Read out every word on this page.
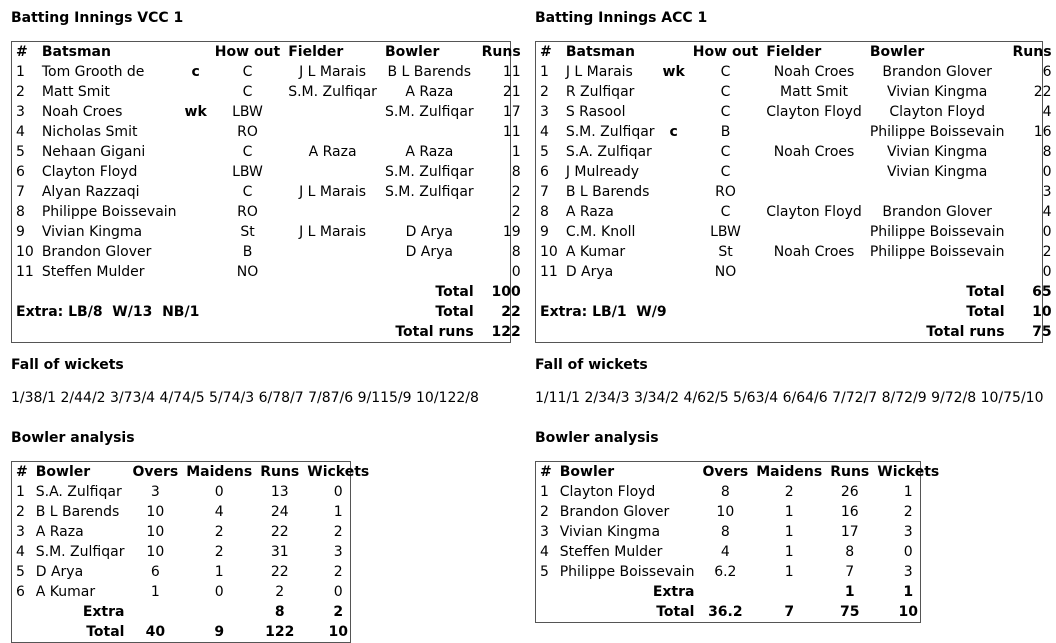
Batting Innings VCC 1
#	Batsman		How out	Fielder	Bowler	Runs
1	Tom Grooth de	c	C	J L Marais	B L Barends	11
2	Matt Smit		C	S.M. Zulfiqar	A Raza	21
3	Noah Croes	wk	LBW		S.M. Zulfiqar	17
4	Nicholas Smit		RO			11
5	Nehaan Gigani		C	A Raza	A Raza	1
6	Clayton Floyd		LBW		S.M. Zulfiqar	8
7	Alyan Razzaqi		C	J L Marais	S.M. Zulfiqar	2
8	Philippe Boissevain		RO			2
9	Vivian Kingma		St	J L Marais	D Arya	19
10	Brandon Glover		B		D Arya	8
11	Steffen Mulder		NO			0
Total						100
Extra: LB/8  W/13  NB/1			Total			22
Total runs						122
Fall of wickets
1/38/1 2/44/2 3/73/4 4/74/5 5/74/3 6/78/7 7/87/6 9/115/9 10/122/8
Bowler analysis
#	Bowler	Overs	Maidens	Runs	Wickets
1	S.A. Zulfiqar	3	0	13	0
2	B L Barends	10	4	24	1
3	A Raza	10	2	22	2
4	S.M. Zulfiqar	10	2	31	3
5	D Arya	6	1	22	2
6	A Kumar	1	0	2	0
Extra				8	2
Total		40	9	122	10
Batting Innings ACC 1
#	Batsman		How out	Fielder	Bowler	Runs
1	J L Marais	wk	C	Noah Croes	Brandon Glover	6
2	R Zulfiqar		C	Matt Smit	Vivian Kingma	22
3	S Rasool		C	Clayton Floyd	Clayton Floyd	4
4	S.M. Zulfiqar	c	B		Philippe Boissevain	16
5	S.A. Zulfiqar		C	Noah Croes	Vivian Kingma	8
6	J Mulready		C		Vivian Kingma	0
7	B L Barends		RO			3
8	A Raza		C	Clayton Floyd	Brandon Glover	4
9	C.M. Knoll		LBW		Philippe Boissevain	0
10	A Kumar		St	Noah Croes	Philippe Boissevain	2
11	D Arya		NO			0
Total						65
Extra: LB/1  W/9			Total			10
Total runs						75
Fall of wickets
1/11/1 2/34/3 3/34/2 4/62/5 5/63/4 6/64/6 7/72/7 8/72/9 9/72/8 10/75/10
Bowler analysis
#	Bowler	Overs	Maidens	Runs	Wickets
1	Clayton Floyd	8	2	26	1
2	Brandon Glover	10	1	16	2
3	Vivian Kingma	8	1	17	3
4	Steffen Mulder	4	1	8	0
5	Philippe Boissevain	6.2	1	7	3
Extra				1	1
Total		36.2	7	75	10
